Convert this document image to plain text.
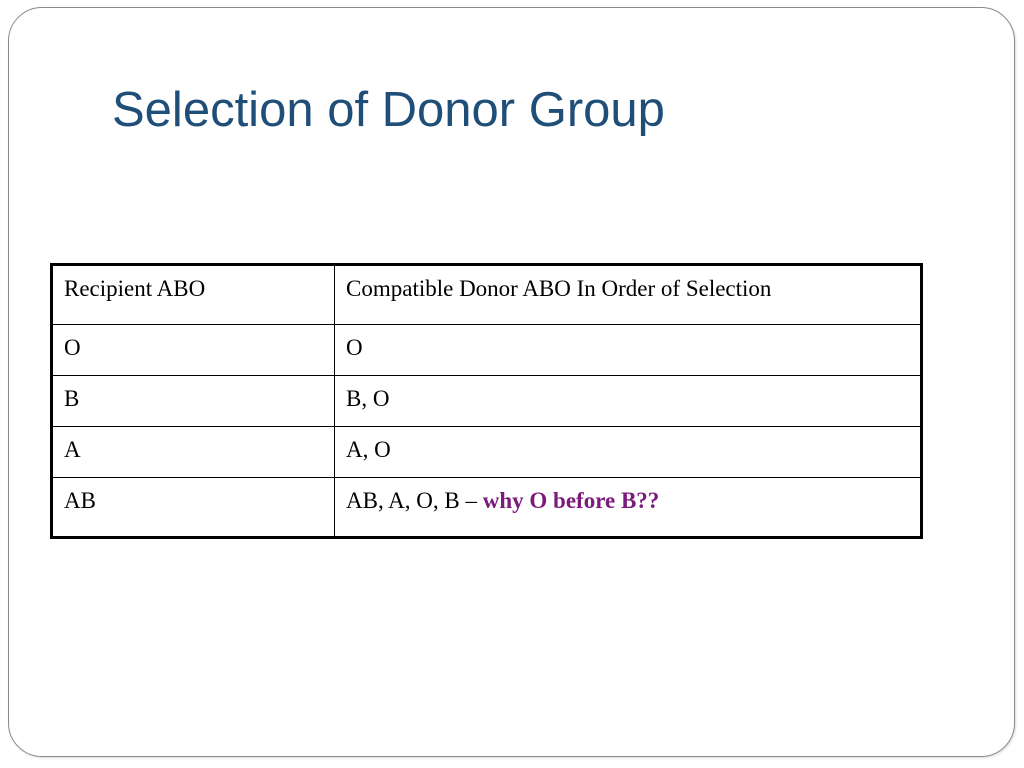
Selection of Donor Group
Recipient ABO	Compatible Donor ABO In Order of Selection
O	O
B	B, O
A	A, O
AB	AB, A, O, B – why O before B??
